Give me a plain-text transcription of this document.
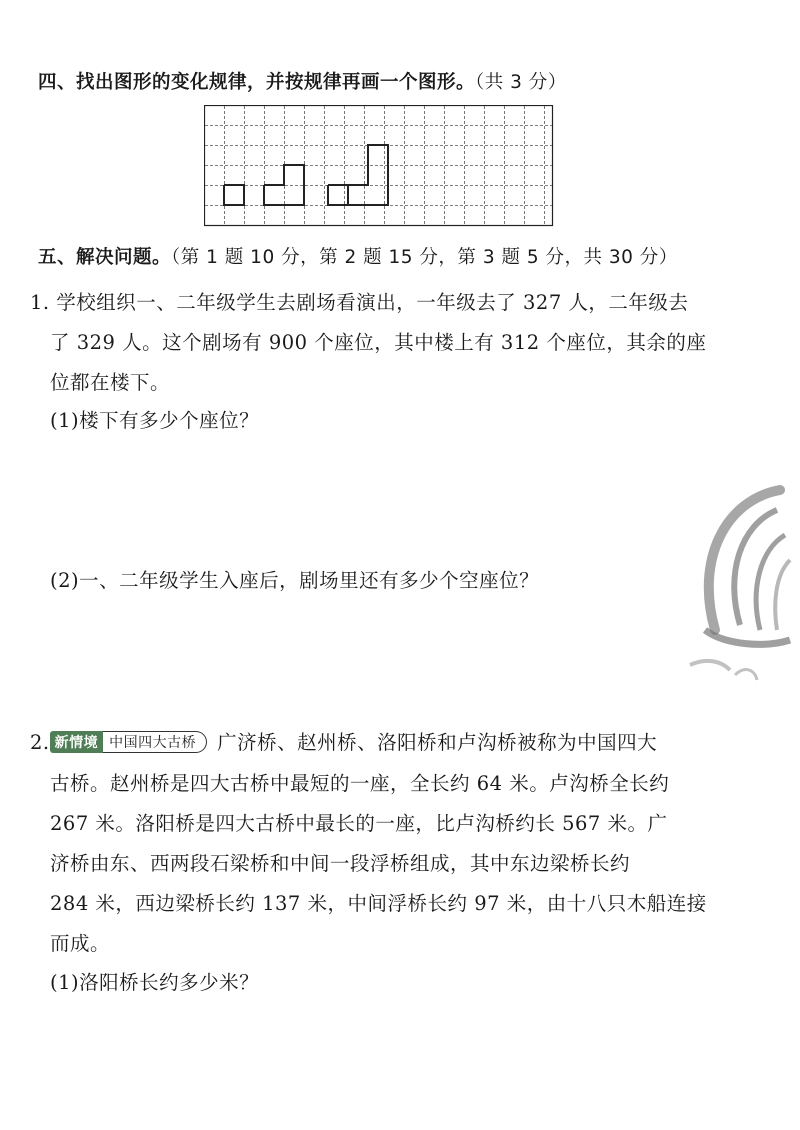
四、找出图形的变化规律，并按规律再画一个图形。（共 3 分）
五、解决问题。（第 1 题 10 分，第 2 题 15 分，第 3 题 5 分，共 30 分）
1. 学校组织一、二年级学生去剧场看演出，一年级去了 327 人，二年级去
了 329 人。这个剧场有 900 个座位，其中楼上有 312 个座位，其余的座
位都在楼下。
(1)楼下有多少个座位？
(2)一、二年级学生入座后，剧场里还有多少个空座位？
2. 新情境 中国四大古桥 广济桥、赵州桥、洛阳桥和卢沟桥被称为中国四大
古桥。赵州桥是四大古桥中最短的一座，全长约 64 米。卢沟桥全长约
267 米。洛阳桥是四大古桥中最长的一座，比卢沟桥约长 567 米。广
济桥由东、西两段石梁桥和中间一段浮桥组成，其中东边梁桥长约
284 米，西边梁桥长约 137 米，中间浮桥长约 97 米，由十八只木船连接
而成。
(1)洛阳桥长约多少米？
